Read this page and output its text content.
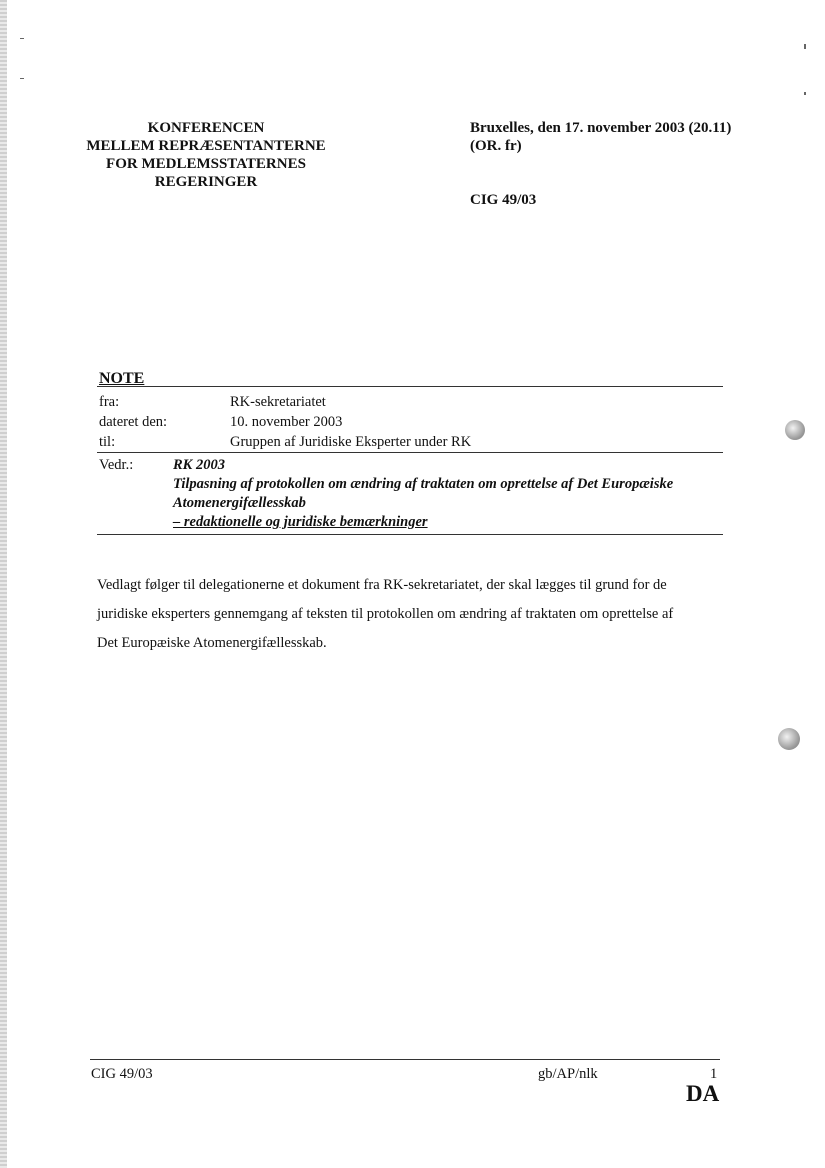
KONFERENCEN
MELLEM REPRÆSENTANTERNE
FOR MEDLEMSSTATERNES
REGERINGER
Bruxelles, den 17. november 2003 (20.11)
(OR. fr)
CIG 49/03
NOTE
fra:	RK-sekretariatet
dateret den:	10. november 2003
til:	Gruppen af Juridiske Eksperter under RK
Vedr.:	RK 2003
Tilpasning af protokollen om ændring af traktaten om oprettelse af Det Europæiske
Atomenergifællesskab
– redaktionelle og juridiske bemærkninger
Vedlagt følger til delegationerne et dokument fra RK-sekretariatet, der skal lægges til grund for de
juridiske eksperters gennemgang af teksten til protokollen om ændring af traktaten om oprettelse af
Det Europæiske Atomenergifællesskab.
CIG 49/03	gb/AP/nlk	1
DA
